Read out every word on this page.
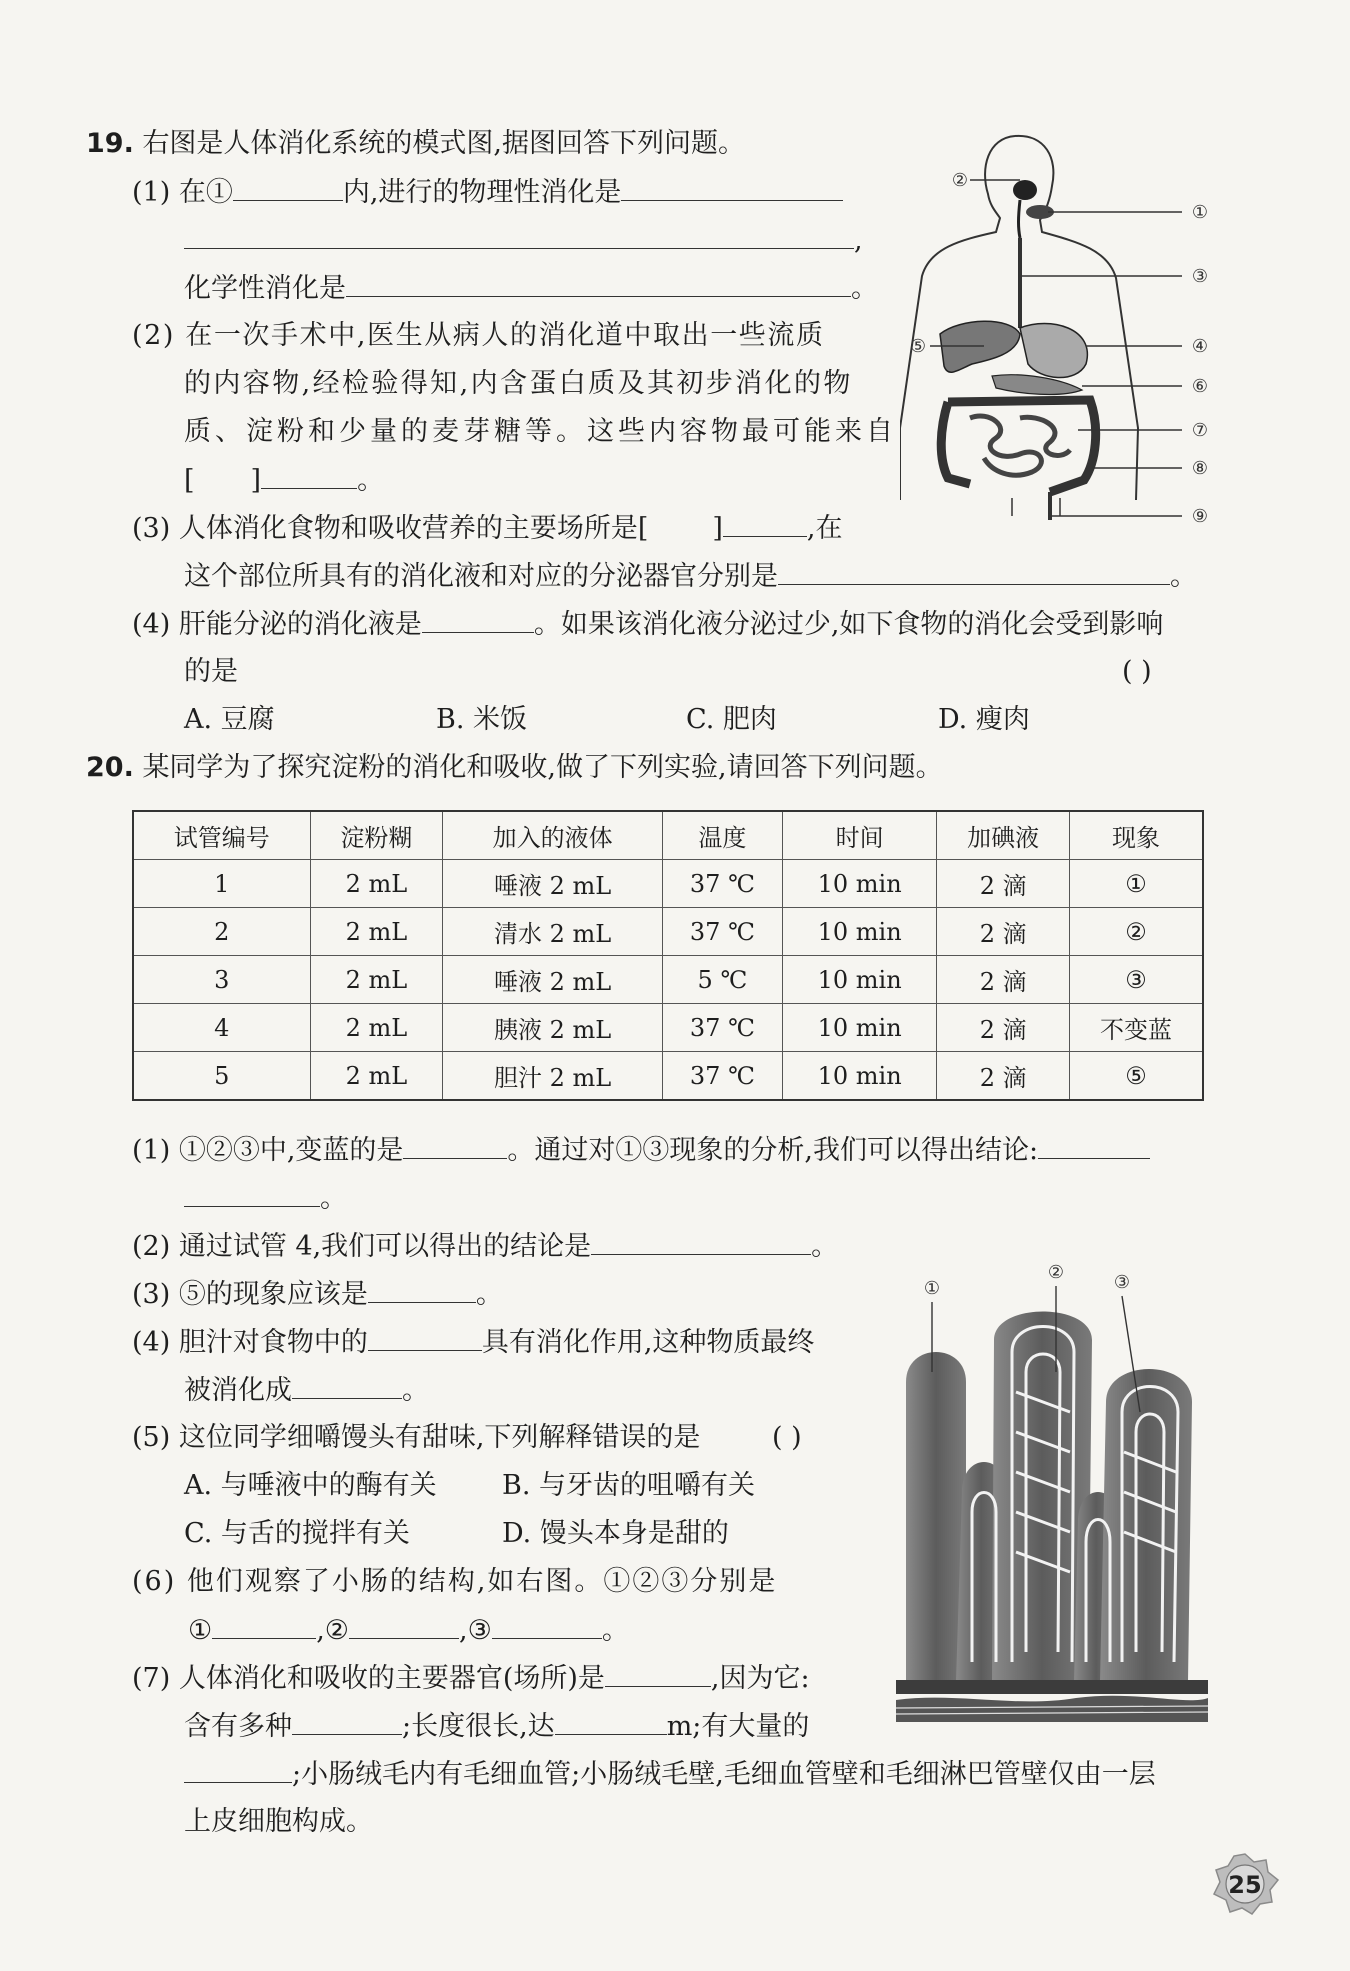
19. 右图是人体消化系统的模式图,据图回答下列问题。
(1) 在①	内,进行的物理性消化是
,
化学性消化是	。
(2) 在一次手术中,医生从病人的消化道中取出一些流质
的内容物,经检验得知,内含蛋白质及其初步消化的物
质、淀粉和少量的麦芽糖等。这些内容物最可能来自
[ ]	。
(3) 人体消化食物和吸收营养的主要场所是[ ]	,在
这个部位所具有的消化液和对应的分泌器官分别是	。
(4) 肝能分泌的消化液是	。如果该消化液分泌过少,如下食物的消化会受到影响
的是	( )
A. 豆腐	B. 米饭	C. 肥肉	D. 瘦肉
①
②
③
④
⑤
⑥
⑦
⑧
⑨
20. 某同学为了探究淀粉的消化和吸收,做了下列实验,请回答下列问题。
试管编号	淀粉糊	加入的液体	温度	时间	加碘液	现象
1	2 mL	唾液 2 mL	37 ℃	10 min	2 滴	①
2	2 mL	清水 2 mL	37 ℃	10 min	2 滴	②
3	2 mL	唾液 2 mL	5 ℃	10 min	2 滴	③
4	2 mL	胰液 2 mL	37 ℃	10 min	2 滴	不变蓝
5	2 mL	胆汁 2 mL	37 ℃	10 min	2 滴	⑤
(1) ①②③中,变蓝的是	。通过对①③现象的分析,我们可以得出结论:
。
(2) 通过试管 4,我们可以得出的结论是	。
(3) ⑤的现象应该是	。
(4) 胆汁对食物中的	具有消化作用,这种物质最终
被消化成	。
(5) 这位同学细嚼馒头有甜味,下列解释错误的是	( )
A. 与唾液中的酶有关 B. 与牙齿的咀嚼有关
C. 与舌的搅拌有关	D. 馒头本身是甜的
(6) 他们观察了小肠的结构,如右图。①②③分别是
①	,②	,③	。
(7) 人体消化和吸收的主要器官(场所)是	,因为它:
含有多种	;长度很长,达	m;有大量的
;小肠绒毛内有毛细血管;小肠绒毛壁,毛细血管壁和毛细淋巴管壁仅由一层
上皮细胞构成。
①
②	③
25
